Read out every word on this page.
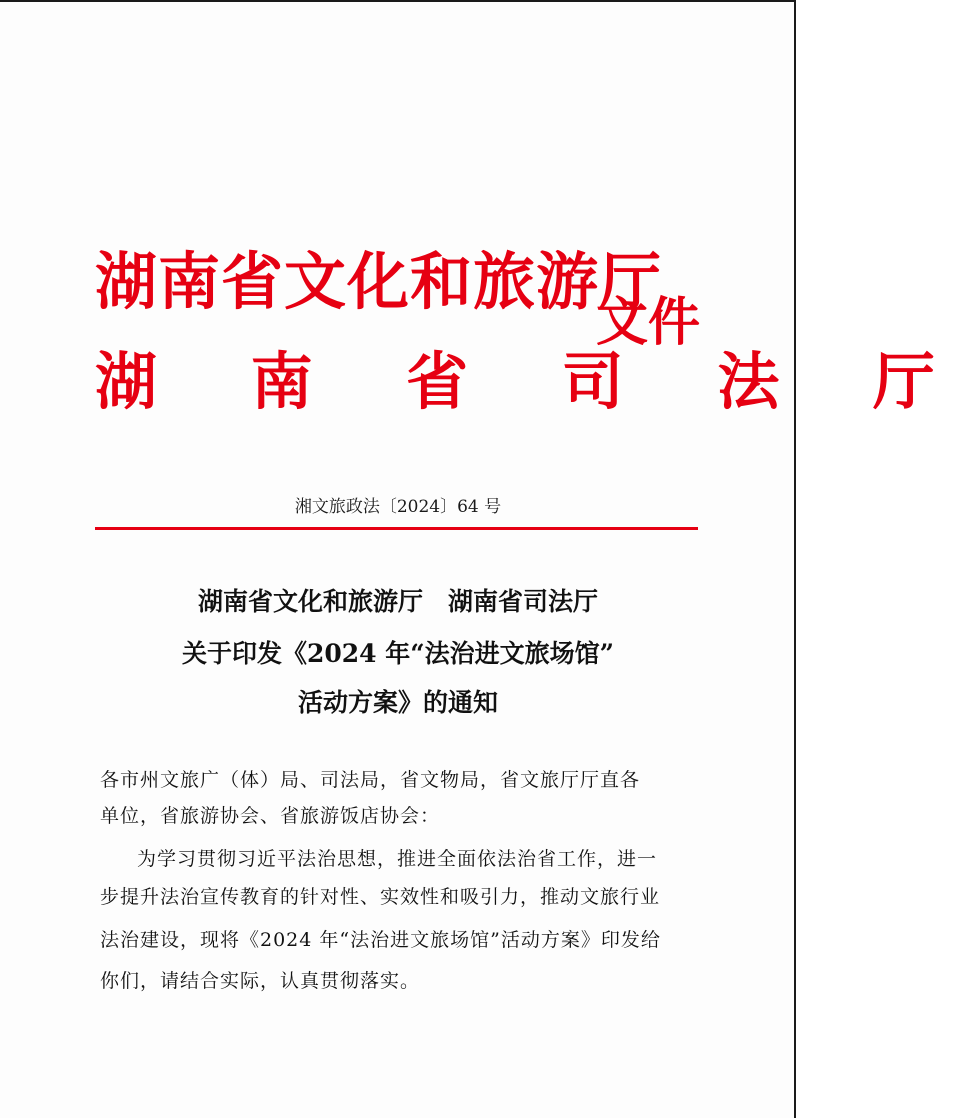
湖南省文化和旅游厅
湖 南 省 司 法 厅
文件
湘文旅政法〔2024〕64 号
湖南省文化和旅游厅　湖南省司法厅
关于印发《2024 年“法治进文旅场馆”
活动方案》的通知
各市州文旅广（体）局、司法局，省文物局，省文旅厅厅直各
单位，省旅游协会、省旅游饭店协会：
为学习贯彻习近平法治思想，推进全面依法治省工作，进一
步提升法治宣传教育的针对性、实效性和吸引力，推动文旅行业
法治建设，现将《2024 年“法治进文旅场馆”活动方案》印发给
你们，请结合实际，认真贯彻落实。
